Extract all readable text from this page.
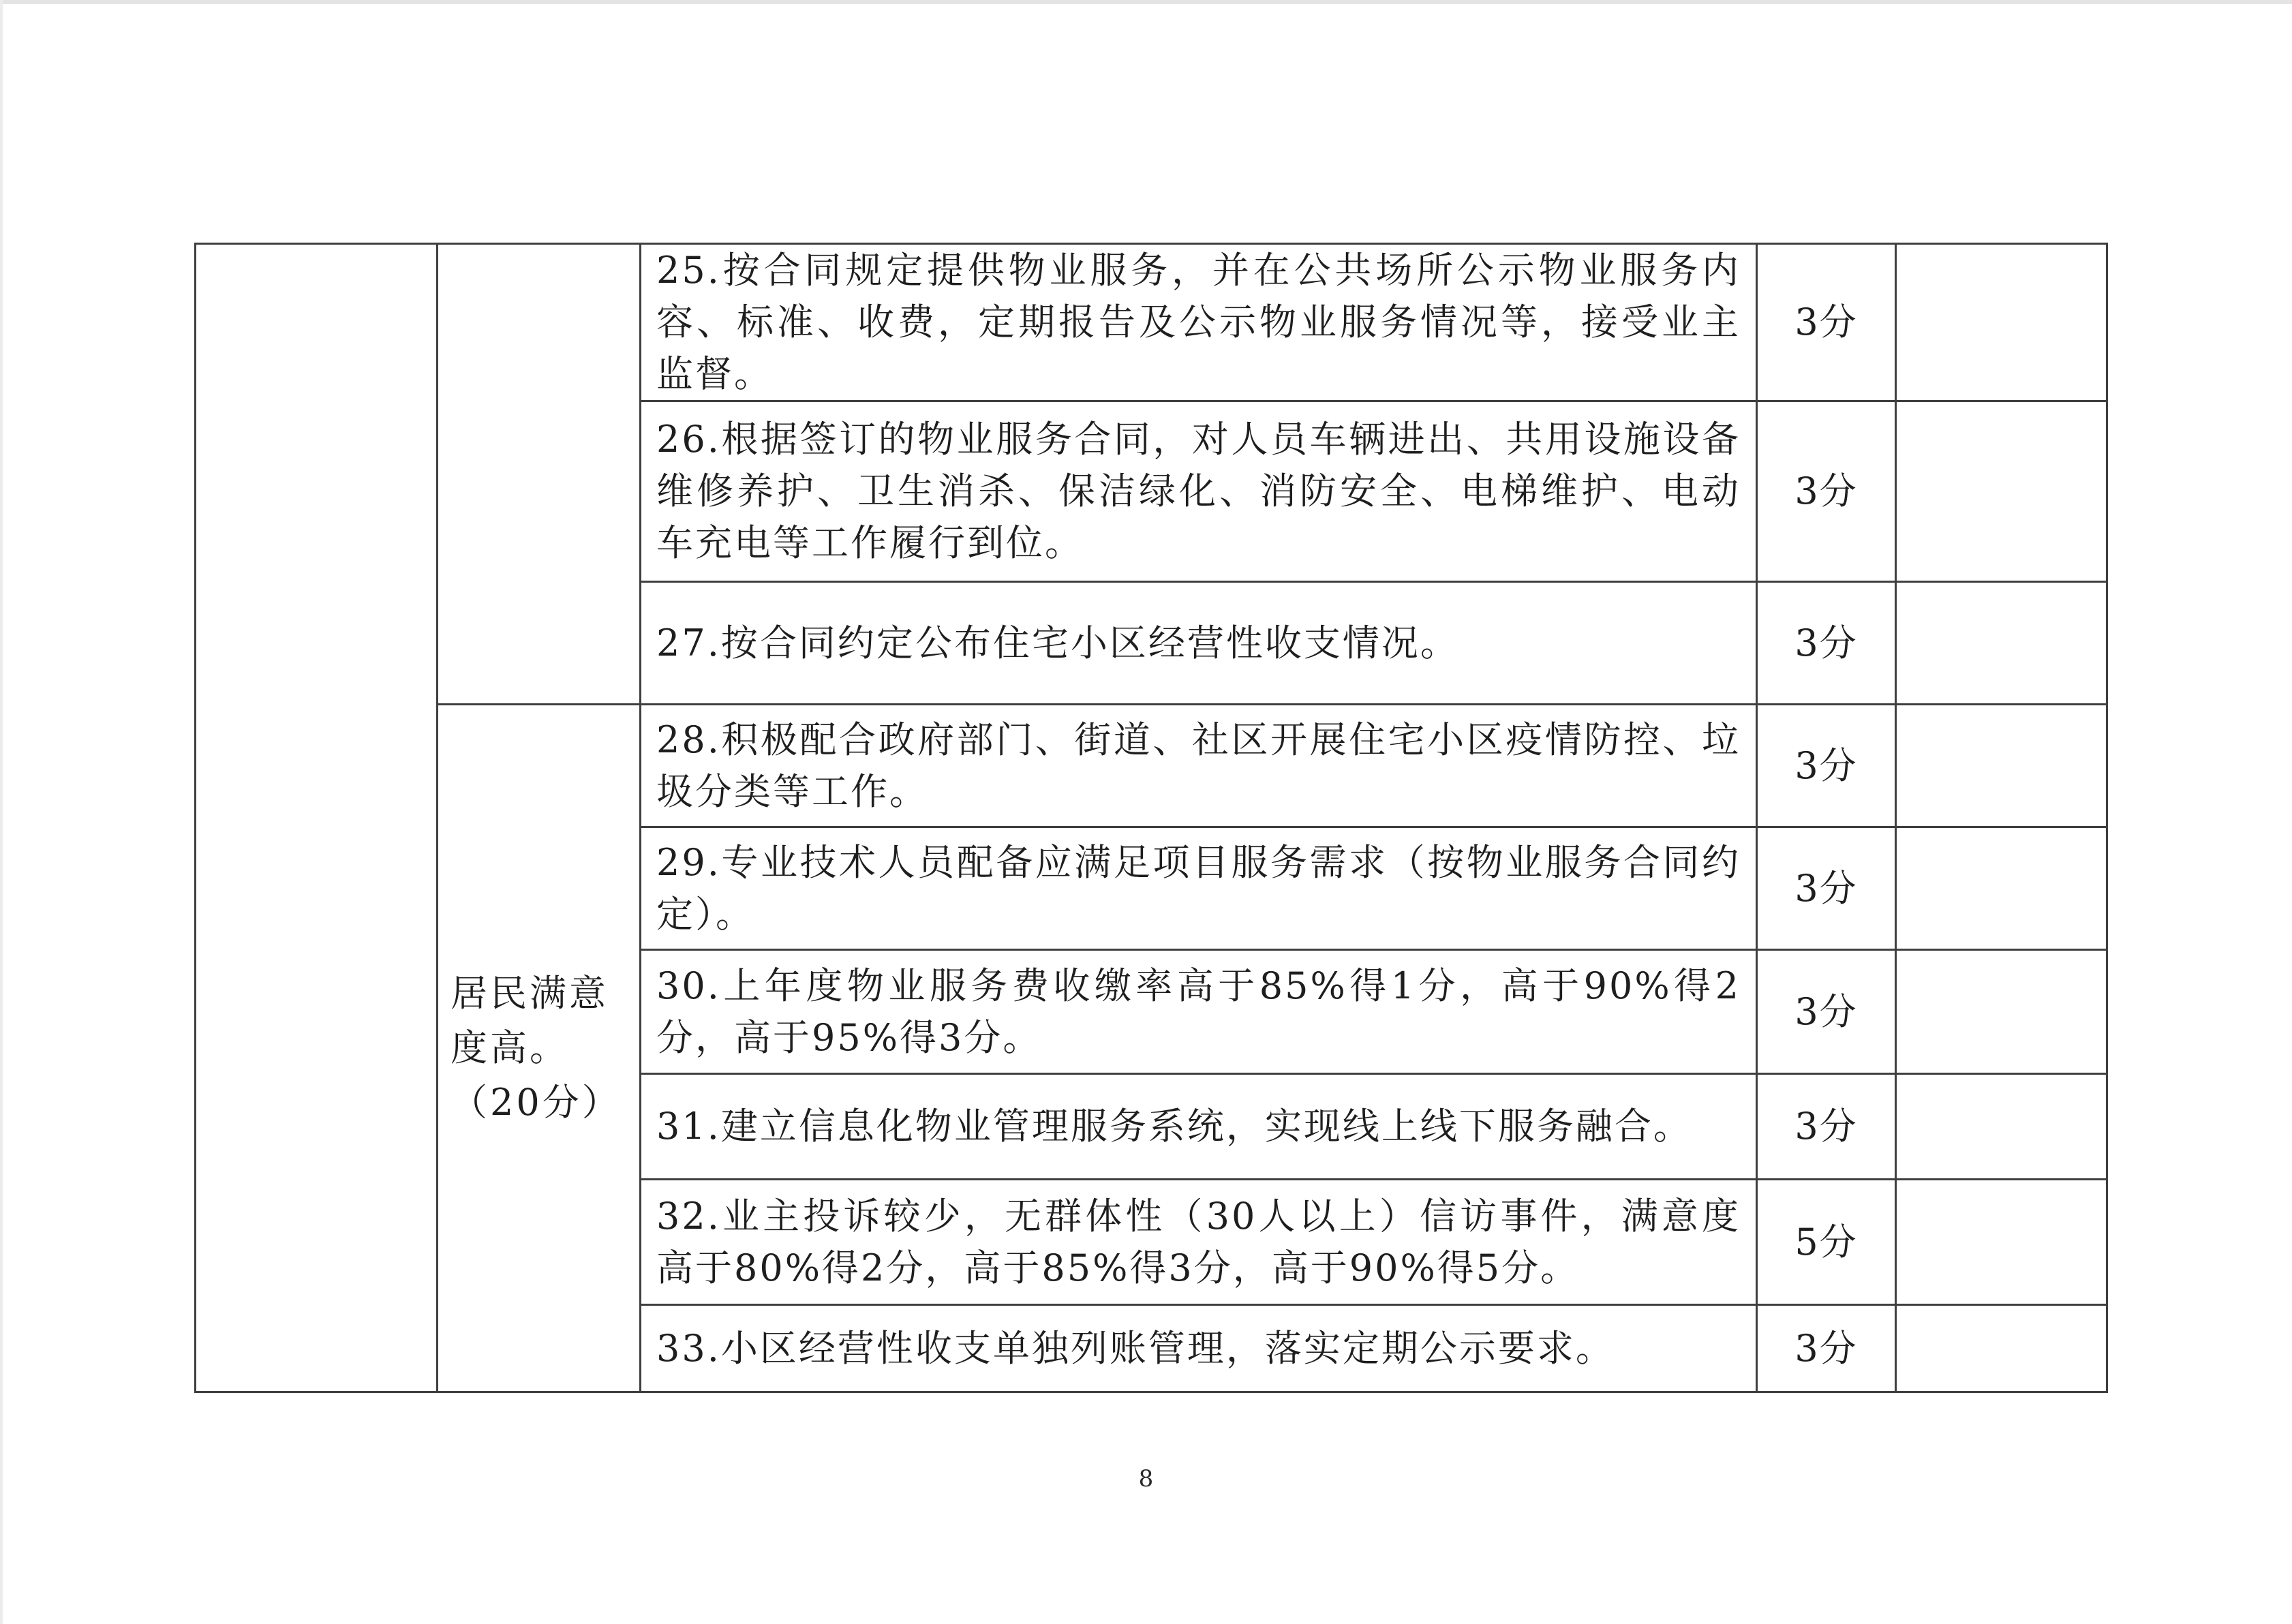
		25.按合同规定提供物业服务，并在公共场所公示物业服务内容、标准、收费，定期报告及公示物业服务情况等，接受业主监督。	3分	
		26.根据签订的物业服务合同，对人员车辆进出、共用设施设备维修养护、卫生消杀、保洁绿化、消防安全、电梯维护、电动车充电等工作履行到位。	3分	
		27.按合同约定公布住宅小区经营性收支情况。	3分	
	居民满意度高。（20分）	28.积极配合政府部门、街道、社区开展住宅小区疫情防控、垃圾分类等工作。	3分	
		29.专业技术人员配备应满足项目服务需求（按物业服务合同约定）。	3分	
		30.上年度物业服务费收缴率高于85%得1分，高于90%得2分，高于95%得3分。	3分	
		31.建立信息化物业管理服务系统，实现线上线下服务融合。	3分	
		32.业主投诉较少，无群体性（30人以上）信访事件，满意度高于80%得2分，高于85%得3分，高于90%得5分。	5分	
		33.小区经营性收支单独列账管理，落实定期公示要求。	3分	
8
